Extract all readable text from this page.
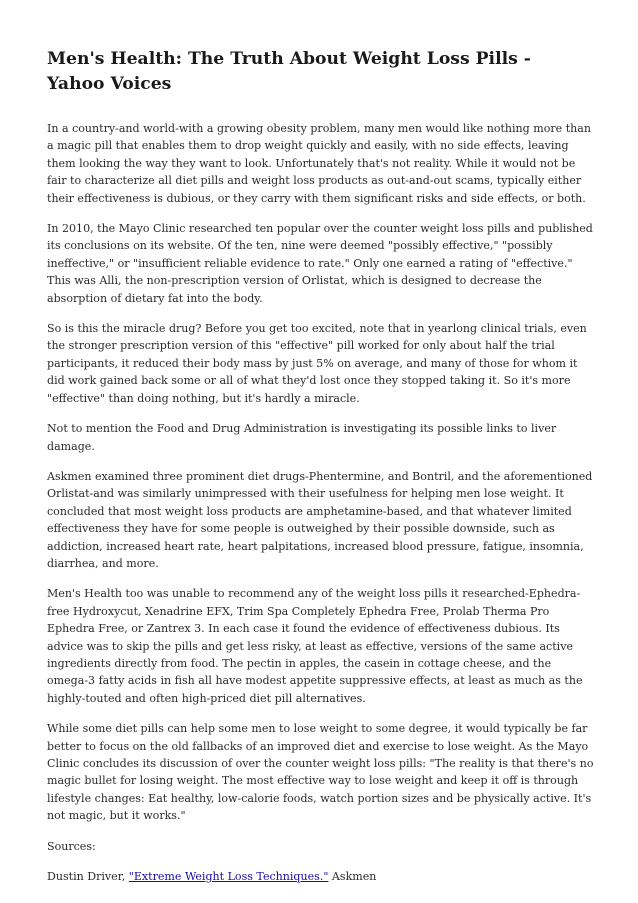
Men's Health: The Truth About Weight Loss Pills - Yahoo Voices

In a country-and world-with a growing obesity problem, many men would like nothing more than a magic pill that enables them to drop weight quickly and easily, with no side effects, leaving them looking the way they want to look. Unfortunately that's not reality. While it would not be fair to characterize all diet pills and weight loss products as out-and-out scams, typically either their effectiveness is dubious, or they carry with them significant risks and side effects, or both.

In 2010, the Mayo Clinic researched ten popular over the counter weight loss pills and published its conclusions on its website. Of the ten, nine were deemed "possibly effective," "possibly ineffective," or "insufficient reliable evidence to rate." Only one earned a rating of "effective." This was Alli, the non-prescription version of Orlistat, which is designed to decrease the absorption of dietary fat into the body.

So is this the miracle drug? Before you get too excited, note that in yearlong clinical trials, even the stronger prescription version of this "effective" pill worked for only about half the trial participants, it reduced their body mass by just 5% on average, and many of those for whom it did work gained back some or all of what they'd lost once they stopped taking it. So it's more "effective" than doing nothing, but it's hardly a miracle.

Not to mention the Food and Drug Administration is investigating its possible links to liver damage.

Askmen examined three prominent diet drugs-Phentermine, and Bontril, and the aforementioned Orlistat-and was similarly unimpressed with their usefulness for helping men lose weight. It concluded that most weight loss products are amphetamine-based, and that whatever limited effectiveness they have for some people is outweighed by their possible downside, such as addiction, increased heart rate, heart palpitations, increased blood pressure, fatigue, insomnia, diarrhea, and more.

Men's Health too was unable to recommend any of the weight loss pills it researched-Ephedra-free Hydroxycut, Xenadrine EFX, Trim Spa Completely Ephedra Free, Prolab Therma Pro Ephedra Free, or Zantrex 3. In each case it found the evidence of effectiveness dubious. Its advice was to skip the pills and get less risky, at least as effective, versions of the same active ingredients directly from food. The pectin in apples, the casein in cottage cheese, and the omega-3 fatty acids in fish all have modest appetite suppressive effects, at least as much as the highly-touted and often high-priced diet pill alternatives.

While some diet pills can help some men to lose weight to some degree, it would typically be far better to focus on the old fallbacks of an improved diet and exercise to lose weight. As the Mayo Clinic concludes its discussion of over the counter weight loss pills: "The reality is that there's no magic bullet for losing weight. The most effective way to lose weight and keep it off is through lifestyle changes: Eat healthy, low-calorie foods, watch portion sizes and be physically active. It's not magic, but it works."

Sources:

Dustin Driver, "Extreme Weight Loss Techniques." Askmen
